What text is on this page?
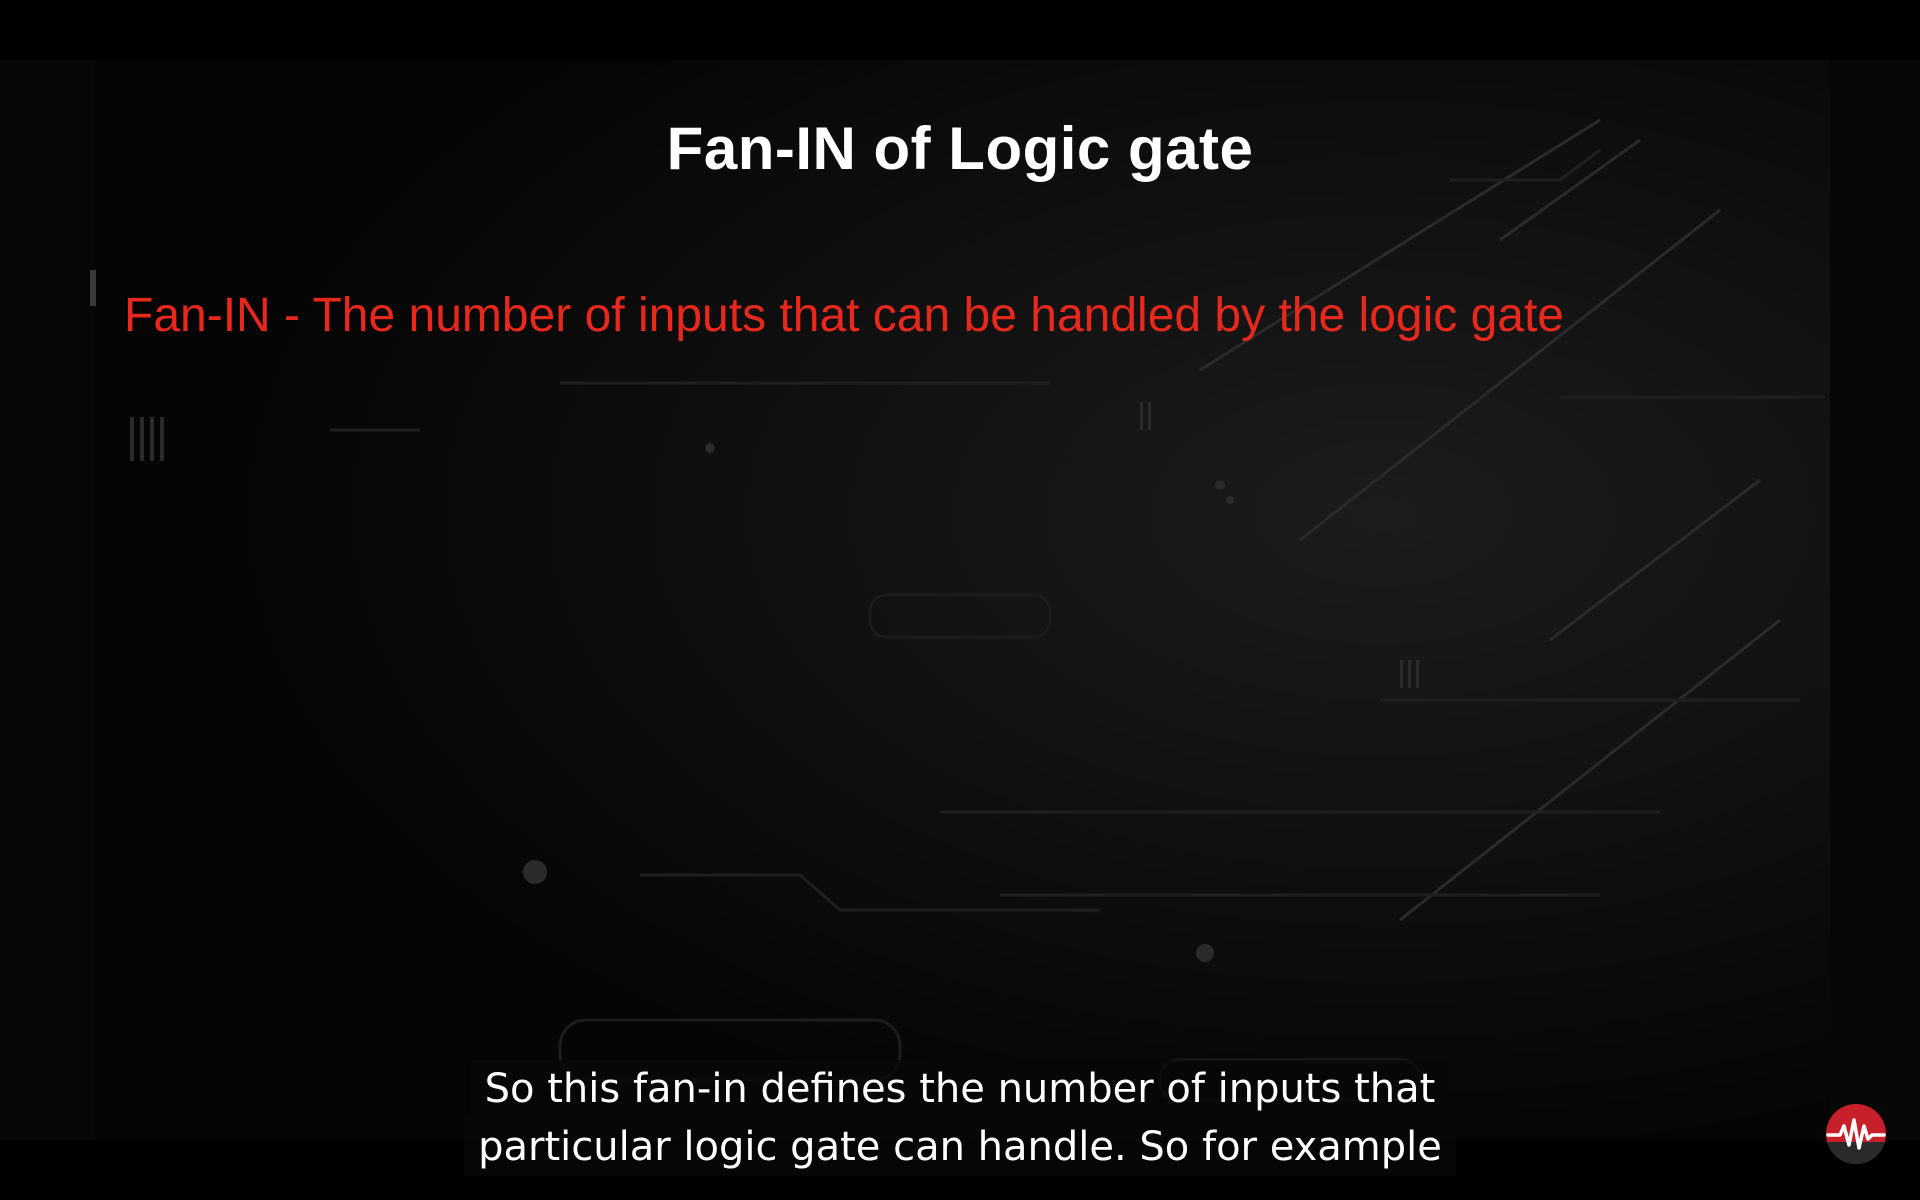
Fan-IN of Logic gate
Fan-IN - The number of inputs that can be handled by the logic gate
So this fan-in defines the number of inputs that
particular logic gate can handle. So for example
